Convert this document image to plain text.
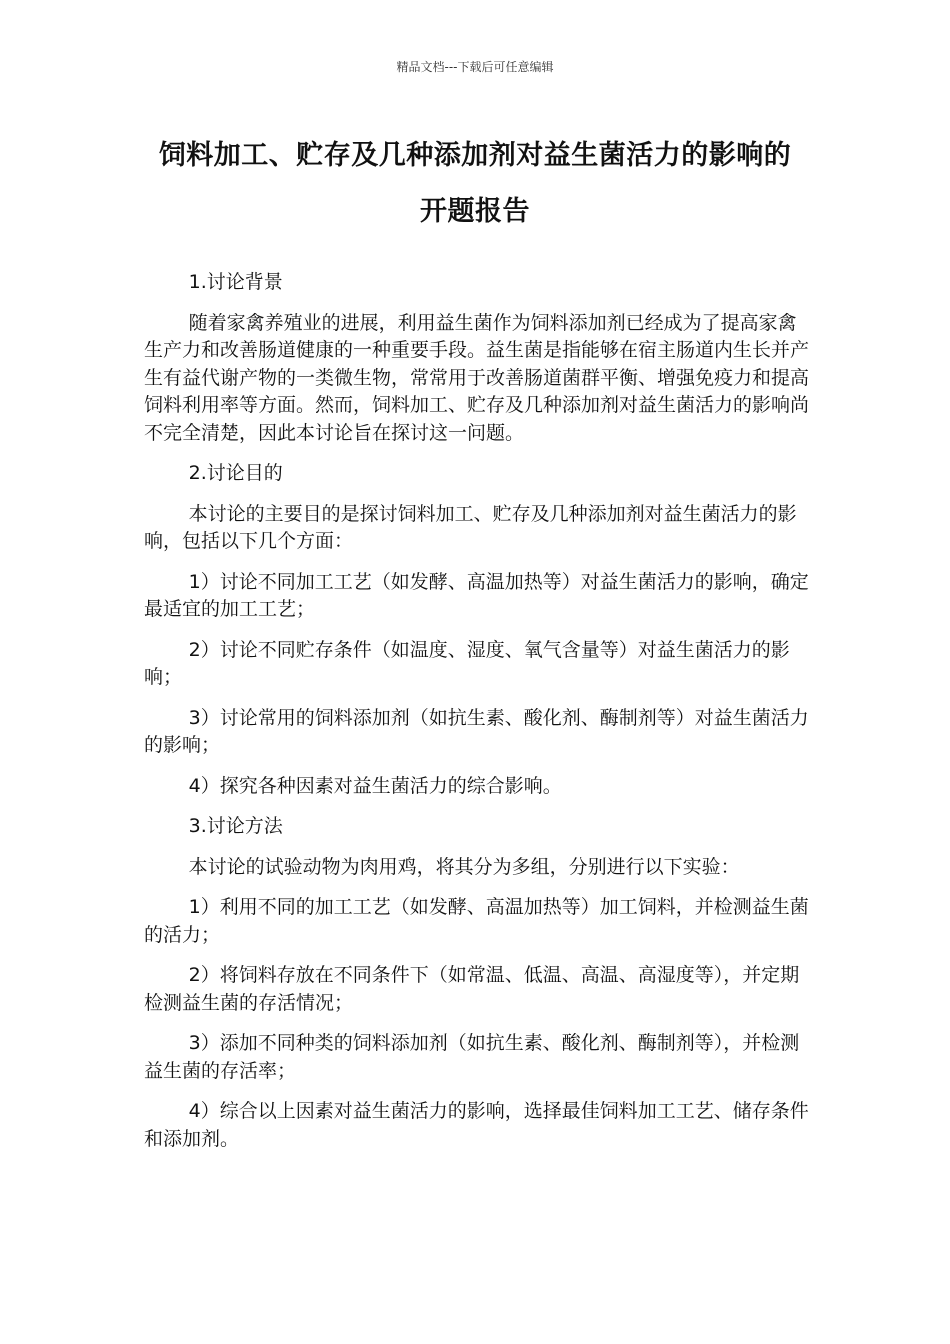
精品文档---下载后可任意编辑
饲料加工、贮存及几种添加剂对益生菌活力的影响的
开题报告
1.讨论背景

随着家禽养殖业的进展，利用益生菌作为饲料添加剂已经成为了提高家禽生产力和改善肠道健康的一种重要手段。益生菌是指能够在宿主肠道内生长并产生有益代谢产物的一类微生物，常常用于改善肠道菌群平衡、增强免疫力和提高饲料利用率等方面。然而，饲料加工、贮存及几种添加剂对益生菌活力的影响尚不完全清楚，因此本讨论旨在探讨这一问题。

2.讨论目的

本讨论的主要目的是探讨饲料加工、贮存及几种添加剂对益生菌活力的影响，包括以下几个方面：

1）讨论不同加工工艺（如发酵、高温加热等）对益生菌活力的影响，确定最适宜的加工工艺；

2）讨论不同贮存条件（如温度、湿度、氧气含量等）对益生菌活力的影响；

3）讨论常用的饲料添加剂（如抗生素、酸化剂、酶制剂等）对益生菌活力的影响；

4）探究各种因素对益生菌活力的综合影响。

3.讨论方法

本讨论的试验动物为肉用鸡，将其分为多组，分别进行以下实验：

1）利用不同的加工工艺（如发酵、高温加热等）加工饲料，并检测益生菌的活力；

2）将饲料存放在不同条件下（如常温、低温、高温、高湿度等），并定期检测益生菌的存活情况；

3）添加不同种类的饲料添加剂（如抗生素、酸化剂、酶制剂等），并检测益生菌的存活率；

4）综合以上因素对益生菌活力的影响，选择最佳饲料加工工艺、储存条件和添加剂。
